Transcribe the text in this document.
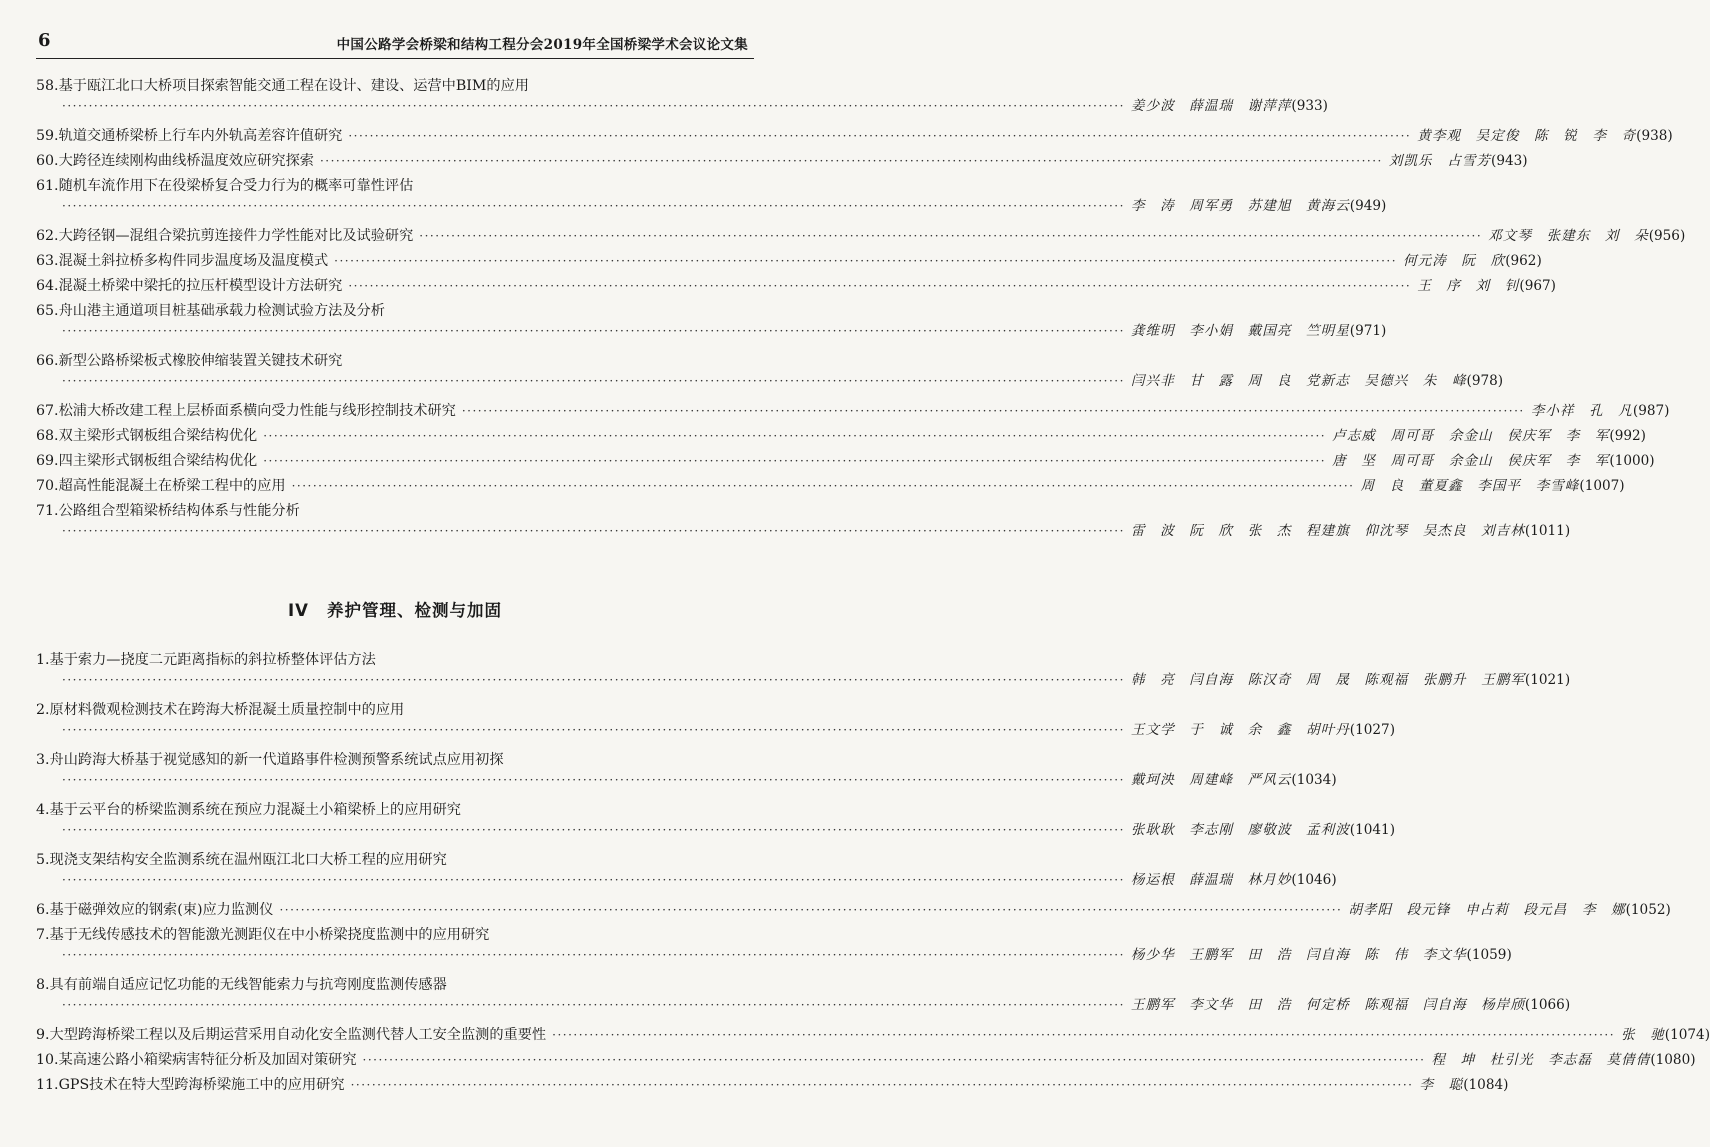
6	中国公路学会桥梁和结构工程分会2019年全国桥梁学术会议论文集
58.基于瓯江北口大桥项目探索智能交通工程在设计、建设、运营中BIM的应用
········································································································································································································ 姜少波　薛温瑞　谢萍萍 (933)
59.轨道交通桥梁桥上行车内外轨高差容许值研究 ········································································································································································································ 黄李观　吴定俊　陈　锐　李　奇 (938)
60.大跨径连续刚构曲线桥温度效应研究探索 ········································································································································································································ 刘凯乐　占雪芳 (943)
61.随机车流作用下在役梁桥复合受力行为的概率可靠性评估
········································································································································································································ 李　涛　周军勇　苏建旭　黄海云 (949)
62.大跨径钢—混组合梁抗剪连接件力学性能对比及试验研究 ········································································································································································································ 邓文琴　张建东　刘　朵 (956)
63.混凝土斜拉桥多构件同步温度场及温度模式 ········································································································································································································ 何元涛　阮　欣 (962)
64.混凝土桥梁中梁托的拉压杆模型设计方法研究 ········································································································································································································ 王　序　刘　钊 (967)
65.舟山港主通道项目桩基础承载力检测试验方法及分析
········································································································································································································ 龚维明　李小娟　戴国亮　竺明星 (971)
66.新型公路桥梁板式橡胶伸缩装置关键技术研究
········································································································································································································ 闫兴非　甘　露　周　良　党新志　吴德兴　朱　峰 (978)
67.松浦大桥改建工程上层桥面系横向受力性能与线形控制技术研究 ········································································································································································································ 李小祥　孔　凡 (987)
68.双主梁形式钢板组合梁结构优化 ········································································································································································································ 卢志威　周可哥　余金山　侯庆军　李　军 (992)
69.四主梁形式钢板组合梁结构优化 ········································································································································································································ 唐　坚　周可哥　余金山　侯庆军　李　军 (1000)
70.超高性能混凝土在桥梁工程中的应用 ········································································································································································································ 周　良　董夏鑫　李国平　李雪峰 (1007)
71.公路组合型箱梁桥结构体系与性能分析
········································································································································································································ 雷　波　阮　欣　张　杰　程建旗　仰沈琴　吴杰良　刘吉林 (1011)
IV 养护管理、检测与加固
1.基于索力—挠度二元距离指标的斜拉桥整体评估方法
········································································································································································································ 韩　亮　闫自海　陈汉奇　周　晟　陈观福　张鹏升　王鹏军 (1021)
2.原材料微观检测技术在跨海大桥混凝土质量控制中的应用
········································································································································································································ 王文学　于　诚　余　鑫　胡叶丹 (1027)
3.舟山跨海大桥基于视觉感知的新一代道路事件检测预警系统试点应用初探
········································································································································································································ 戴珂泱　周建峰　严风云 (1034)
4.基于云平台的桥梁监测系统在预应力混凝土小箱梁桥上的应用研究
········································································································································································································ 张耿耿　李志刚　廖敬波　孟利波 (1041)
5.现浇支架结构安全监测系统在温州瓯江北口大桥工程的应用研究
········································································································································································································ 杨运根　薛温瑞　林月妙 (1046)
6.基于磁弹效应的钢索(束)应力监测仪 ········································································································································································································ 胡孝阳　段元锋　申占莉　段元昌　李　娜 (1052)
7.基于无线传感技术的智能激光测距仪在中小桥梁挠度监测中的应用研究
········································································································································································································ 杨少华　王鹏军　田　浩　闫自海　陈　伟　李文华 (1059)
8.具有前端自适应记忆功能的无线智能索力与抗弯刚度监测传感器
········································································································································································································ 王鹏军　李文华　田　浩　何定桥　陈观福　闫自海　杨岸颀 (1066)
9.大型跨海桥梁工程以及后期运营采用自动化安全监测代替人工安全监测的重要性 ········································································································································································································ 张　驰 (1074)
10.某高速公路小箱梁病害特征分析及加固对策研究 ········································································································································································································ 程　坤　杜引光　李志磊　莫倩倩 (1080)
11.GPS技术在特大型跨海桥梁施工中的应用研究 ········································································································································································································ 李　聪 (1084)
